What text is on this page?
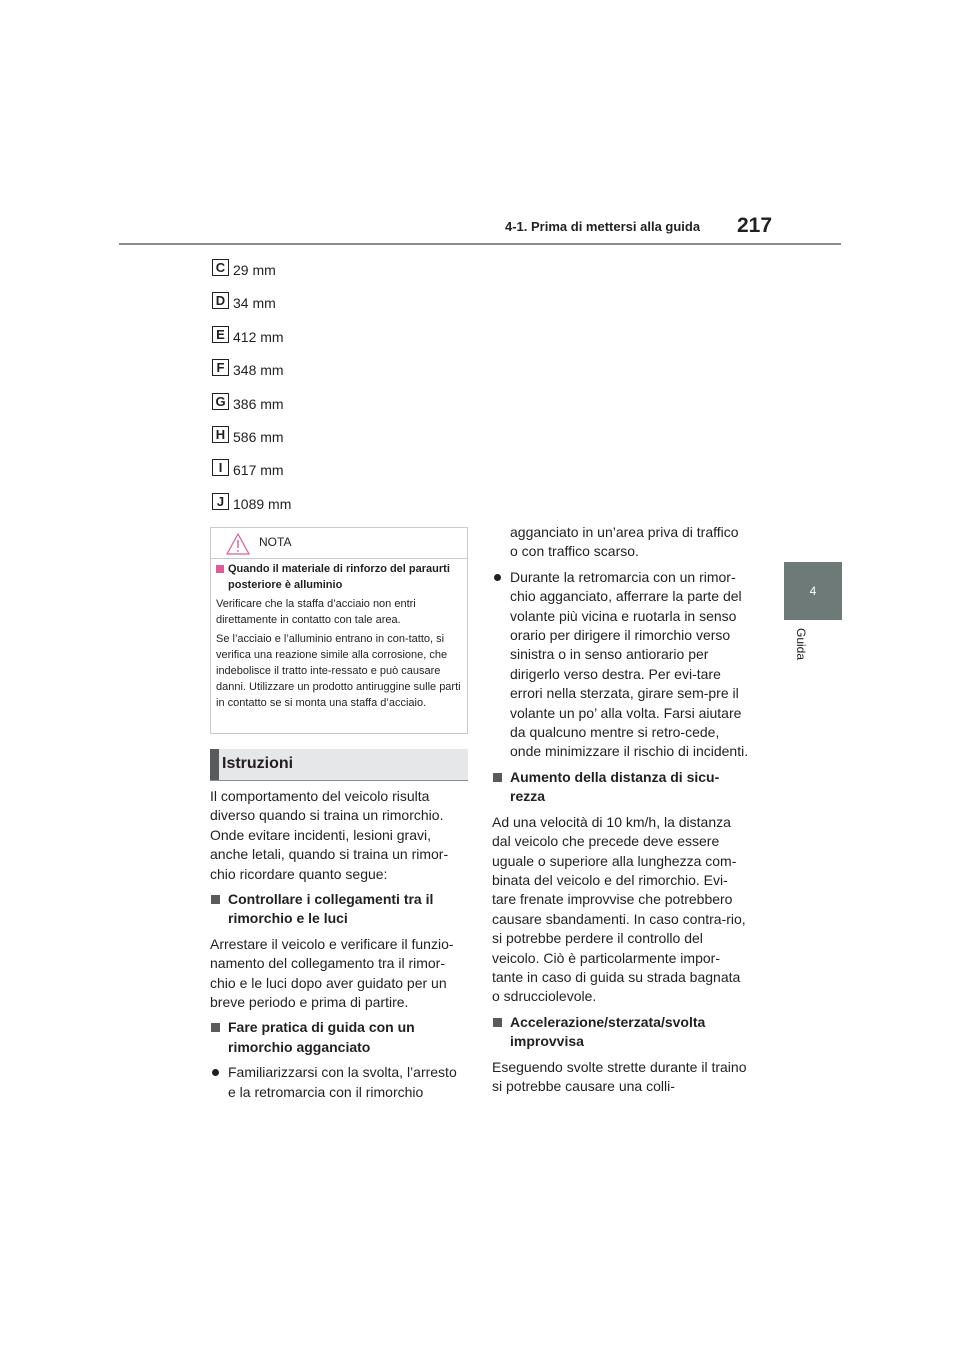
4-1. Prima di mettersi alla guida 217
4
Guida
C 29 mm
D 34 mm
E 412 mm
F 348 mm
G 386 mm
H 586 mm
I 617 mm
J 1089 mm
NOTA
Quando il materiale di rinforzo del paraurti posteriore è alluminio

Verificare che la staffa d’acciaio non entri direttamente in contatto con tale area.

Se l’acciaio e l’alluminio entrano in con-tatto, si verifica una reazione simile alla corrosione, che indebolisce il tratto inte-ressato e può causare danni. Utilizzare un prodotto antiruggine sulle parti in contatto se si monta una staffa d’acciaio.

Istruzioni

Il comportamento del veicolo risulta diverso quando si traina un rimorchio. Onde evitare incidenti, lesioni gravi, anche letali, quando si traina un rimor-chio ricordare quanto segue:

Controllare i collegamenti tra il rimorchio e le luci

Arrestare il veicolo e verificare il funzio-namento del collegamento tra il rimor-chio e le luci dopo aver guidato per un breve periodo e prima di partire.

Fare pratica di guida con un rimorchio agganciato
Familiarizzarsi con la svolta, l’arresto e la retromarcia con il rimorchio

agganciato in un’area priva di traffico o con traffico scarso.

Durante la retromarcia con un rimor-chio agganciato, afferrare la parte del volante più vicina e ruotarla in senso orario per dirigere il rimorchio verso sinistra o in senso antiorario per dirigerlo verso destra. Per evi-tare errori nella sterzata, girare sem-pre il volante un po’ alla volta. Farsi aiutare da qualcuno mentre si retro-cede, onde minimizzare il rischio di incidenti.
Aumento della distanza di sicu-rezza

Ad una velocità di 10 km/h, la distanza dal veicolo che precede deve essere uguale o superiore alla lunghezza com-binata del veicolo e del rimorchio. Evi-tare frenate improvvise che potrebbero causare sbandamenti. In caso contra-rio, si potrebbe perdere il controllo del veicolo. Ciò è particolarmente impor-tante in caso di guida su strada bagnata o sdrucciolevole.

Accelerazione/sterzata/svolta improvvisa

Eseguendo svolte strette durante il traino si potrebbe causare una colli-
